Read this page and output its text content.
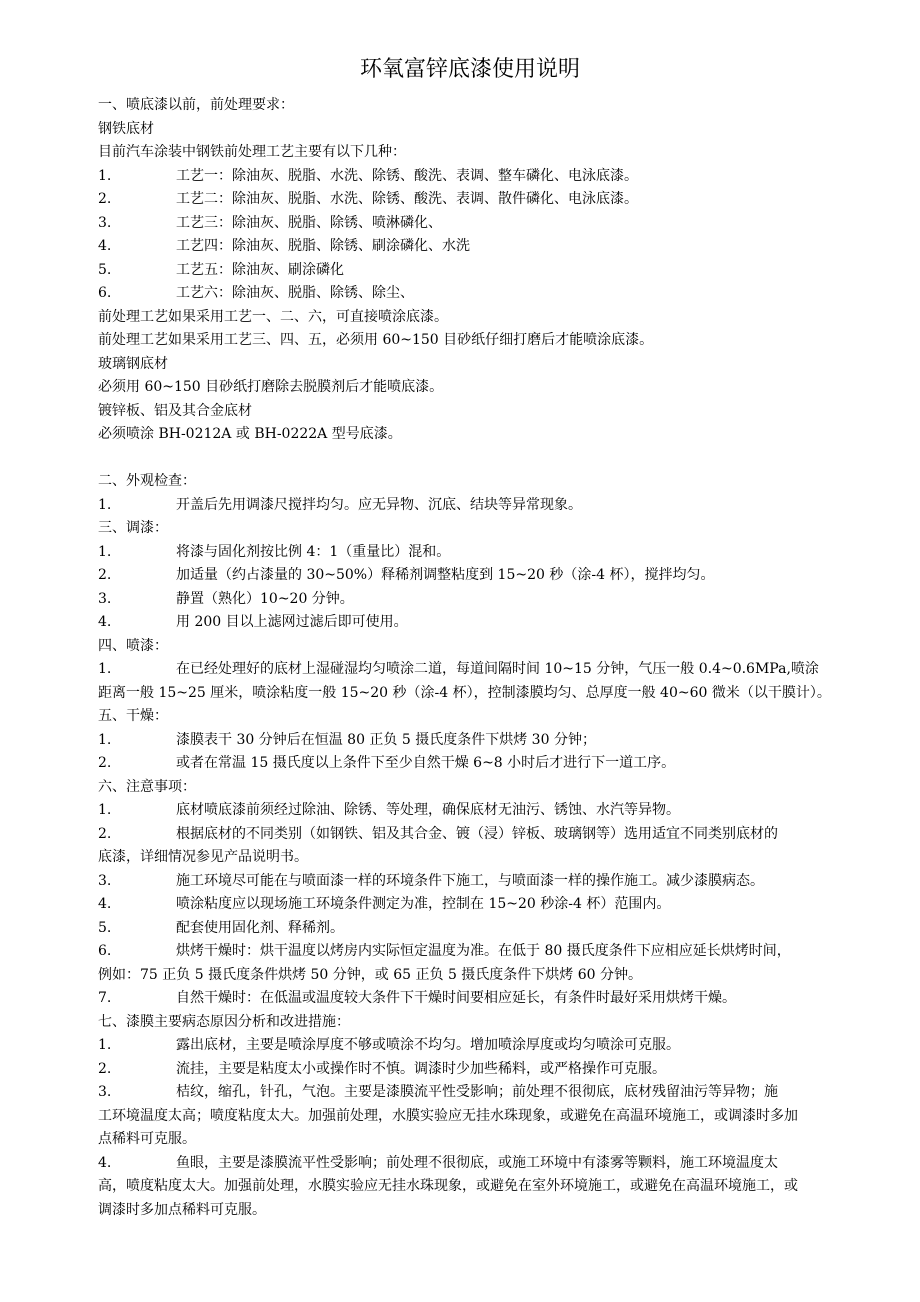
环氧富锌底漆使用说明
一、喷底漆以前，前处理要求：
钢铁底材
目前汽车涂装中钢铁前处理工艺主要有以下几种：
1.	工艺一：除油灰、脱脂、水洗、除锈、酸洗、表调、整车磷化、电泳底漆。
2.	工艺二：除油灰、脱脂、水洗、除锈、酸洗、表调、散件磷化、电泳底漆。
3.	工艺三：除油灰、脱脂、除锈、喷淋磷化、
4.	工艺四：除油灰、脱脂、除锈、刷涂磷化、水洗
5.	工艺五：除油灰、刷涂磷化
6.	工艺六：除油灰、脱脂、除锈、除尘、
前处理工艺如果采用工艺一、二、六，可直接喷涂底漆。
前处理工艺如果采用工艺三、四、五，必须用 60~150 目砂纸仔细打磨后才能喷涂底漆。
玻璃钢底材
必须用 60~150 目砂纸打磨除去脱膜剂后才能喷底漆。
镀锌板、铝及其合金底材
必须喷涂 BH-0212A 或 BH-0222A 型号底漆。
二、外观检查：
1.	开盖后先用调漆尺搅拌均匀。应无异物、沉底、结块等异常现象。
三、调漆：
1.	将漆与固化剂按比例 4：1（重量比）混和。
2.	加适量（约占漆量的 30~50%）释稀剂调整粘度到 15~20 秒（涂-4 杯），搅拌均匀。
3.	静置（熟化）10~20 分钟。
4.	用 200 目以上滤网过滤后即可使用。
四、喷漆：
1.	在已经处理好的底材上湿碰湿均匀喷涂二道，每道间隔时间 10~15 分钟，气压一般 0.4~0.6MPa,喷涂
距离一般 15~25 厘米，喷涂粘度一般 15~20 秒（涂-4 杯），控制漆膜均匀、总厚度一般 40~60 微米（以干膜计）。
五、干燥：
1.	漆膜表干 30 分钟后在恒温 80 正负 5 摄氏度条件下烘烤 30 分钟；
2.	或者在常温 15 摄氏度以上条件下至少自然干燥 6~8 小时后才进行下一道工序。
六、注意事项：
1.	底材喷底漆前须经过除油、除锈、等处理，确保底材无油污、锈蚀、水汽等异物。
2.	根据底材的不同类别（如钢铁、铝及其合金、镀（浸）锌板、玻璃钢等）选用适宜不同类别底材的
底漆，详细情况参见产品说明书。
3.	施工环境尽可能在与喷面漆一样的环境条件下施工，与喷面漆一样的操作施工。减少漆膜病态。
4.	喷涂粘度应以现场施工环境条件测定为准，控制在 15~20 秒涂-4 杯）范围内。
5.	配套使用固化剂、释稀剂。
6.	烘烤干燥时：烘干温度以烤房内实际恒定温度为准。在低于 80 摄氏度条件下应相应延长烘烤时间，
例如：75 正负 5 摄氏度条件烘烤 50 分钟，或 65 正负 5 摄氏度条件下烘烤 60 分钟。
7.	自然干燥时：在低温或温度较大条件下干燥时间要相应延长，有条件时最好采用烘烤干燥。
七、漆膜主要病态原因分析和改进措施：
1.	露出底材，主要是喷涂厚度不够或喷涂不均匀。增加喷涂厚度或均匀喷涂可克服。
2.	流挂，主要是粘度太小或操作时不慎。调漆时少加些稀料，或严格操作可克服。
3.	桔纹，缩孔，针孔，气泡。主要是漆膜流平性受影响；前处理不很彻底，底材残留油污等异物；施
工环境温度太高；喷度粘度太大。加强前处理，水膜实验应无挂水珠现象，或避免在高温环境施工，或调漆时多加
点稀料可克服。
4.	鱼眼，主要是漆膜流平性受影响；前处理不很彻底，或施工环境中有漆雾等颗料，施工环境温度太
高，喷度粘度太大。加强前处理，水膜实验应无挂水珠现象，或避免在室外环境施工，或避免在高温环境施工，或
调漆时多加点稀料可克服。
